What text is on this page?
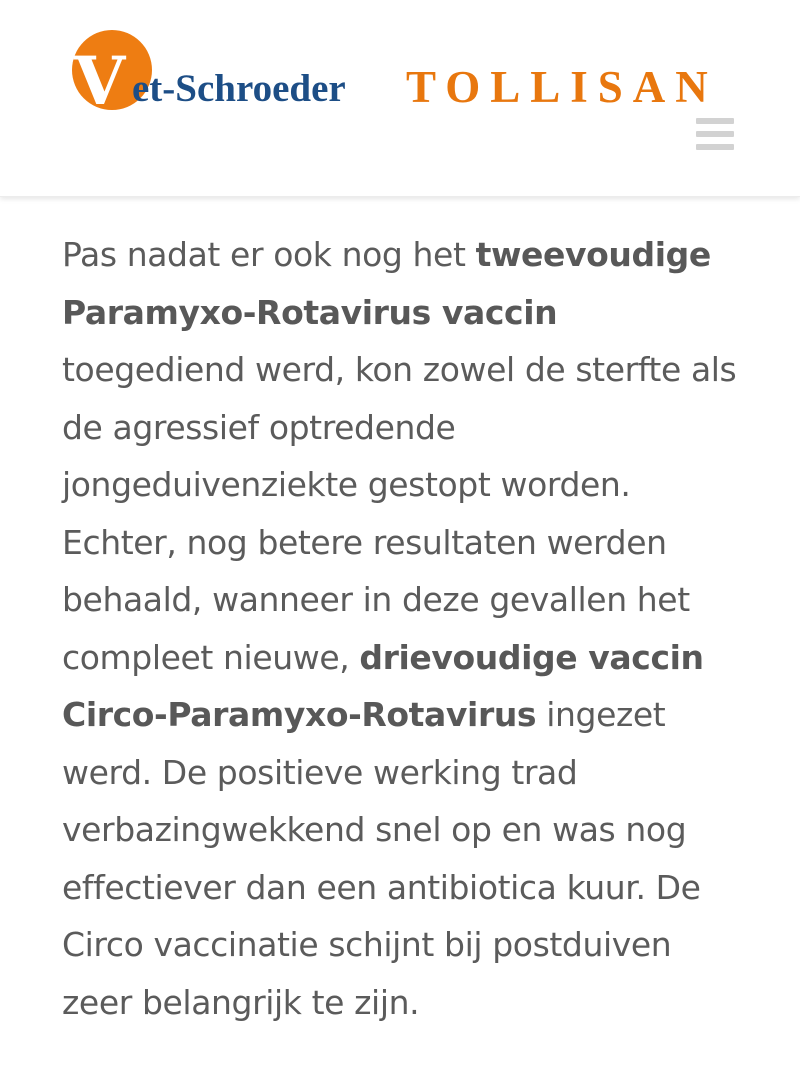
V et-Schroeder TOLLISAN

Pas nadat er ook nog het tweevoudige Paramyxo-Rotavirus vaccin toegediend werd, kon zowel de sterfte als de agressief optredende jongeduivenziekte gestopt worden. Echter, nog betere resultaten werden behaald, wanneer in deze gevallen het compleet nieuwe, drievoudige vaccin Circo-Paramyxo-Rotavirus ingezet werd. De positieve werking trad verbazingwekkend snel op en was nog effectiever dan een antibiotica kuur. De Circo vaccinatie schijnt bij postduiven zeer belangrijk te zijn.
